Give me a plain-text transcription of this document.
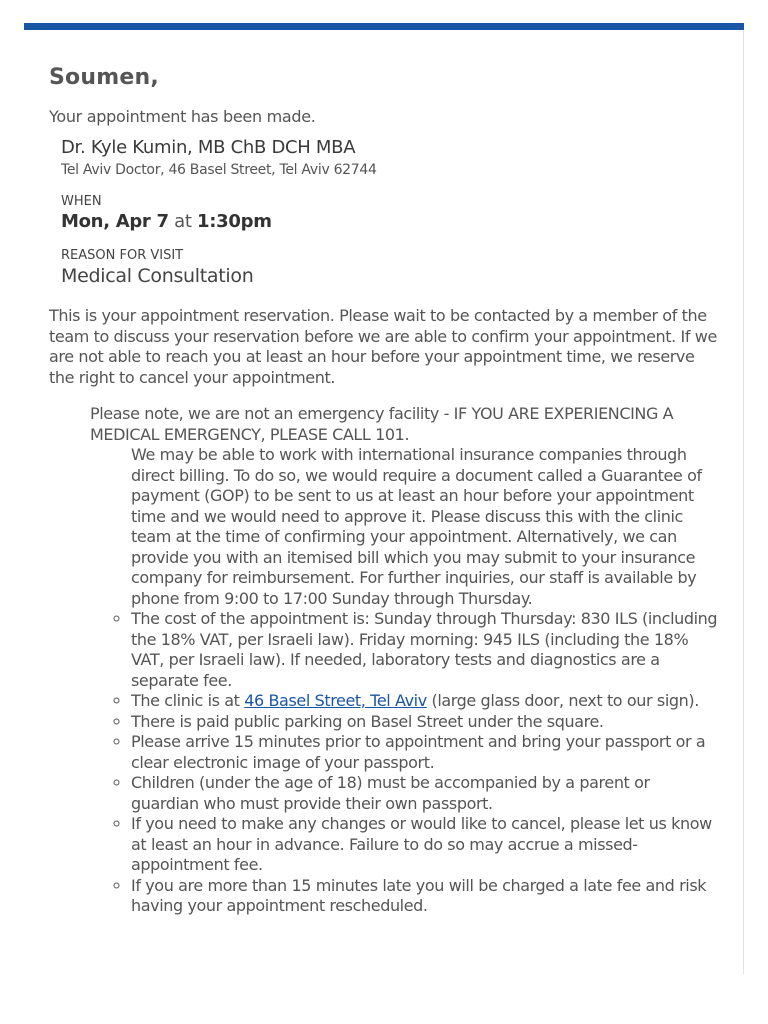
Soumen,
Your appointment has been made.
Dr. Kyle Kumin, MB ChB DCH MBA
Tel Aviv Doctor, 46 Basel Street, Tel Aviv 62744
WHEN
Mon, Apr 7 at 1:30pm
REASON FOR VISIT
Medical Consultation
This is your appointment reservation. Please wait to be contacted by a member of the team to discuss your reservation before we are able to confirm your appointment. If we are not able to reach you at least an hour before your appointment time, we reserve the right to cancel your appointment.
Please note, we are not an emergency facility - IF YOU ARE EXPERIENCING A MEDICAL EMERGENCY, PLEASE CALL 101.
We may be able to work with international insurance companies through direct billing. To do so, we would require a document called a Guarantee of payment (GOP) to be sent to us at least an hour before your appointment time and we would need to approve it. Please discuss this with the clinic team at the time of confirming your appointment. Alternatively, we can provide you with an itemised bill which you may submit to your insurance company for reimbursement. For further inquiries, our staff is available by phone from 9:00 to 17:00 Sunday through Thursday.
◦ The cost of the appointment is: Sunday through Thursday: 830 ILS (including the 18% VAT, per Israeli law). Friday morning: 945 ILS (including the 18% VAT, per Israeli law). If needed, laboratory tests and diagnostics are a separate fee.
◦ The clinic is at 46 Basel Street, Tel Aviv (large glass door, next to our sign).
◦ There is paid public parking on Basel Street under the square.
◦ Please arrive 15 minutes prior to appointment and bring your passport or a clear electronic image of your passport.
◦ Children (under the age of 18) must be accompanied by a parent or guardian who must provide their own passport.
◦ If you need to make any changes or would like to cancel, please let us know at least an hour in advance. Failure to do so may accrue a missed-appointment fee.
◦ If you are more than 15 minutes late you will be charged a late fee and risk having your appointment rescheduled.
